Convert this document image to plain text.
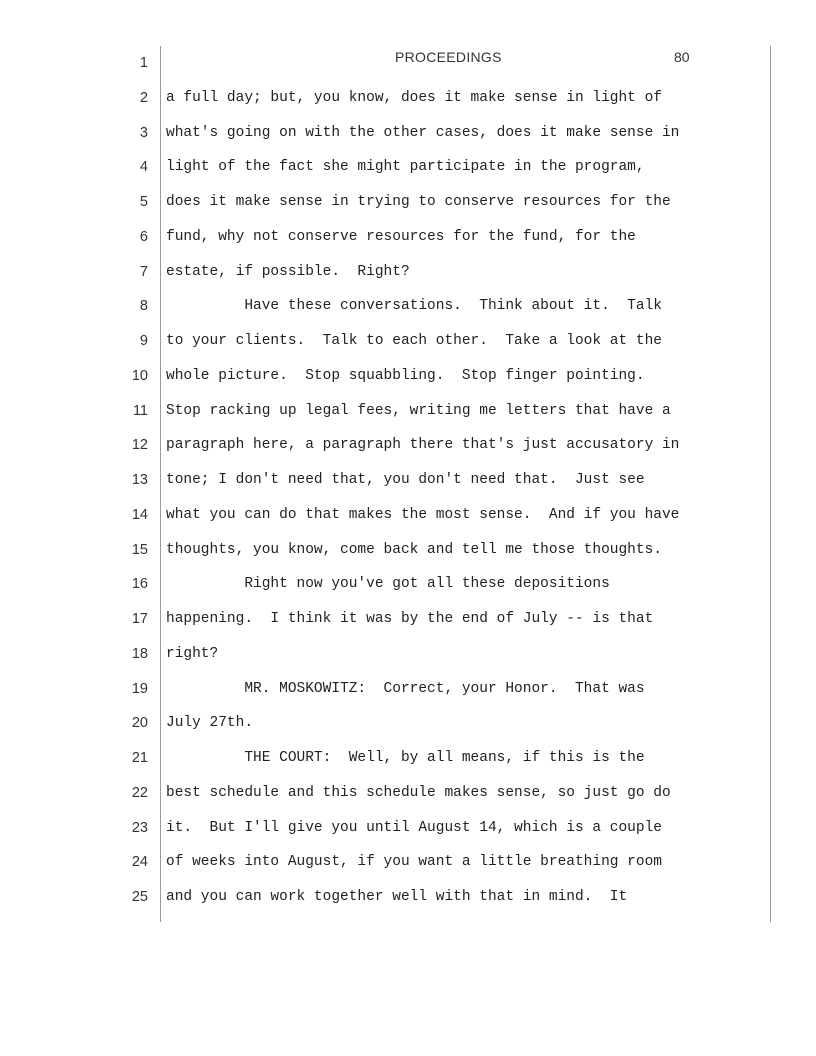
PROCEEDINGS	80
1
2 a full day; but, you know, does it make sense in light of
3 what's going on with the other cases, does it make sense in
4 light of the fact she might participate in the program,
5 does it make sense in trying to conserve resources for the
6 fund, why not conserve resources for the fund, for the
7 estate, if possible.  Right?
8 Have these conversations.  Think about it.  Talk
9 to your clients.  Talk to each other.  Take a look at the
10 whole picture.  Stop squabbling.  Stop finger pointing.
11 Stop racking up legal fees, writing me letters that have a
12 paragraph here, a paragraph there that's just accusatory in
13 tone; I don't need that, you don't need that.  Just see
14 what you can do that makes the most sense.  And if you have
15 thoughts, you know, come back and tell me those thoughts.
16 Right now you've got all these depositions
17 happening.  I think it was by the end of July -- is that
18 right?
19 MR. MOSKOWITZ:  Correct, your Honor.  That was
20 July 27th.
21 THE COURT:  Well, by all means, if this is the
22 best schedule and this schedule makes sense, so just go do
23 it.  But I'll give you until August 14, which is a couple
24 of weeks into August, if you want a little breathing room
25 and you can work together well with that in mind.  It
